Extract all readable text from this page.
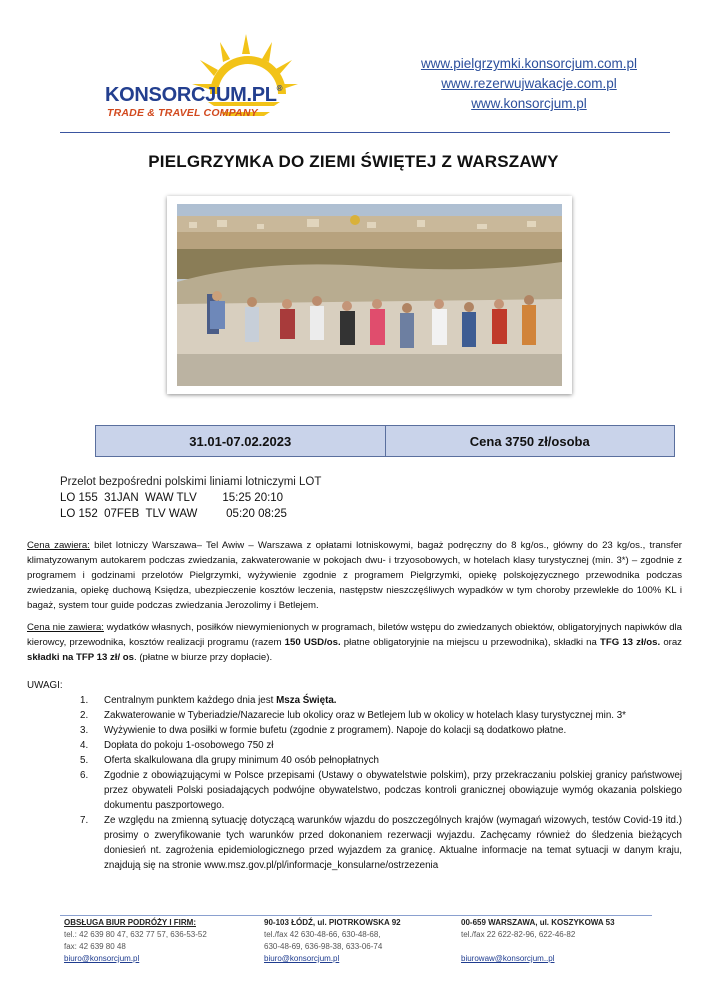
KONSORCJUM.PL®
TRADE & TRAVEL COMPANY
www.pielgrzymki.konsorcjum.com.pl
www.rezerwujwakacje.com.pl
www.konsorcjum.pl
PIELGRZYMKA DO ZIEMI ŚWIĘTEJ Z WARSZAWY
31.01-07.02.2023	Cena 3750 zł/osoba
Przelot bezpośredni polskimi liniami lotniczymi LOT
LO 155  31JAN  WAW TLV        15:25 20:10
LO 152  07FEB  TLV WAW         05:20 08:25
Cena zawiera: bilet lotniczy Warszawa– Tel Awiw – Warszawa z opłatami lotniskowymi, bagaż podręczny do 8 kg/os., główny do 23 kg/os., transfer klimatyzowanym autokarem podczas zwiedzania, zakwaterowanie w pokojach dwu- i trzyosobowych, w hotelach klasy turystycznej (min. 3*) – zgodnie z programem i godzinami przelotów Pielgrzymki, wyżywienie zgodnie z programem Pielgrzymki, opiekę polskojęzycznego przewodnika podczas zwiedzania, opiekę duchową Księdza, ubezpieczenie kosztów leczenia, następstw nieszczęśliwych wypadków w tym choroby przewlekłe do 100% KL i bagaż, system tour guide podczas zwiedzania Jerozolimy i Betlejem.
Cena nie zawiera: wydatków własnych, posiłków niewymienionych w programach, biletów wstępu do zwiedzanych obiektów, obligatoryjnych napiwków dla kierowcy, przewodnika, kosztów realizacji programu (razem 150 USD/os. płatne obligatoryjnie na miejscu u przewodnika), składki na TFG 13 zł/os. oraz składki na TFP 13 zł/ os. (płatne w biurze przy dopłacie).
UWAGI:
1.	Centralnym punktem każdego dnia jest Msza Święta.
2.	Zakwaterowanie w Tyberiadzie/Nazarecie lub okolicy oraz w Betlejem lub w okolicy w hotelach klasy turystycznej min. 3*
3.	Wyżywienie to dwa posiłki w formie bufetu (zgodnie z programem). Napoje do kolacji są dodatkowo płatne.
4.	Dopłata do pokoju 1-osobowego 750 zł
5.	Oferta skalkulowana dla grupy minimum 40 osób pełnopłatnych
6.	Zgodnie z obowiązującymi w Polsce przepisami (Ustawy o obywatelstwie polskim), przy przekraczaniu polskiej granicy państwowej przez obywateli Polski posiadających podwójne obywatelstwo, podczas kontroli granicznej obowiązuje wymóg okazania polskiego dokumentu paszportowego.
7.	Ze względu na zmienną sytuację dotyczącą warunków wjazdu do poszczególnych krajów (wymagań wizowych, testów Covid-19 itd.) prosimy o zweryfikowanie tych warunków przed dokonaniem rezerwacji wyjazdu. Zachęcamy również do śledzenia bieżących doniesień nt. zagrożenia epidemiologicznego przed wyjazdem za granicę. Aktualne informacje na temat sytuacji w danym kraju, znajdują się na stronie www.msz.gov.pl/pl/informacje_konsularne/ostrzezenia
OBSŁUGA BIUR PODRÓŻY I FIRM:
tel.: 42 639 80 47, 632 77 57, 636-53-52
fax: 42 639 80 48
biuro@konsorcjum.pl
90-103 ŁÓDŹ, ul. PIOTRKOWSKA 92
tel./fax 42 630-48-66, 630-48-68,
630-48-69, 636-98-38, 633-06-74
biuro@konsorcjum.pl
00-659 WARSZAWA, ul. KOSZYKOWA 53
tel./fax 22 622-82-96, 622-46-82

biurowaw@konsorcjum..pl
